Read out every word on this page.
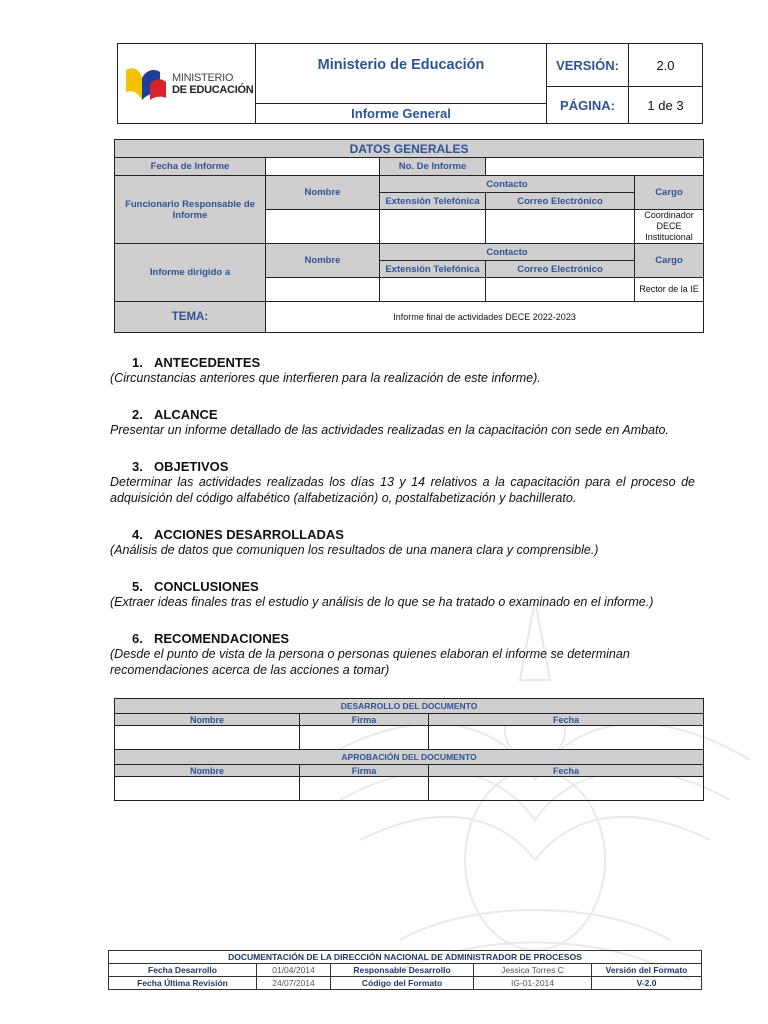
MINISTERIO
DE EDUCACIÓN	Ministerio de Educación	VERSIÓN:	2.0

	Informe General	PÁGINA:	1 de 3
DATOS GENERALES				
Fecha de Informe		No. De Informe		
Funcionario Responsable de Informe	Nombre	Contacto		Cargo
		Extensión Telefónica	Correo Electrónico	
				Coordinador DECE Institucional
Informe dirigido a	Nombre	Contacto		Cargo
		Extensión Telefónica	Correo Electrónico	
				Rector de la IE
TEMA:	Informe final de actividades DECE 2022-2023			
1. ANTECEDENTES
(Circunstancias anteriores que interfieren para la realización de este informe).
2. ALCANCE
Presentar un informe detallado de las actividades realizadas en la capacitación con sede en Ambato.
3. OBJETIVOS
Determinar las actividades realizadas los días 13 y 14 relativos a la capacitación para el proceso de adquisición del código alfabético (alfabetización) o, postalfabetización y bachillerato.
4. ACCIONES DESARROLLADAS
(Análisis de datos que comuniquen los resultados de una manera clara y comprensible.)
5. CONCLUSIONES
(Extraer ideas finales tras el estudio y análisis de lo que se ha tratado o examinado en el informe.)
6. RECOMENDACIONES
(Desde el punto de vista de la persona o personas quienes elaboran el informe se determinan recomendaciones acerca de las acciones a tomar)
DESARROLLO DEL DOCUMENTO		
Nombre	Firma	Fecha

APROBACIÓN DEL DOCUMENTO		
Nombre	Firma	Fecha

DOCUMENTACIÓN DE LA DIRECCIÓN NACIONAL DE ADMINISTRADOR DE PROCESOS				
Fecha Desarrollo	01/04/2014	Responsable Desarrollo	Jessica Torres C	Versión del Formato
Fecha Última Revisión	24/07/2014	Código del Formato	IG-01-2014	V-2.0
